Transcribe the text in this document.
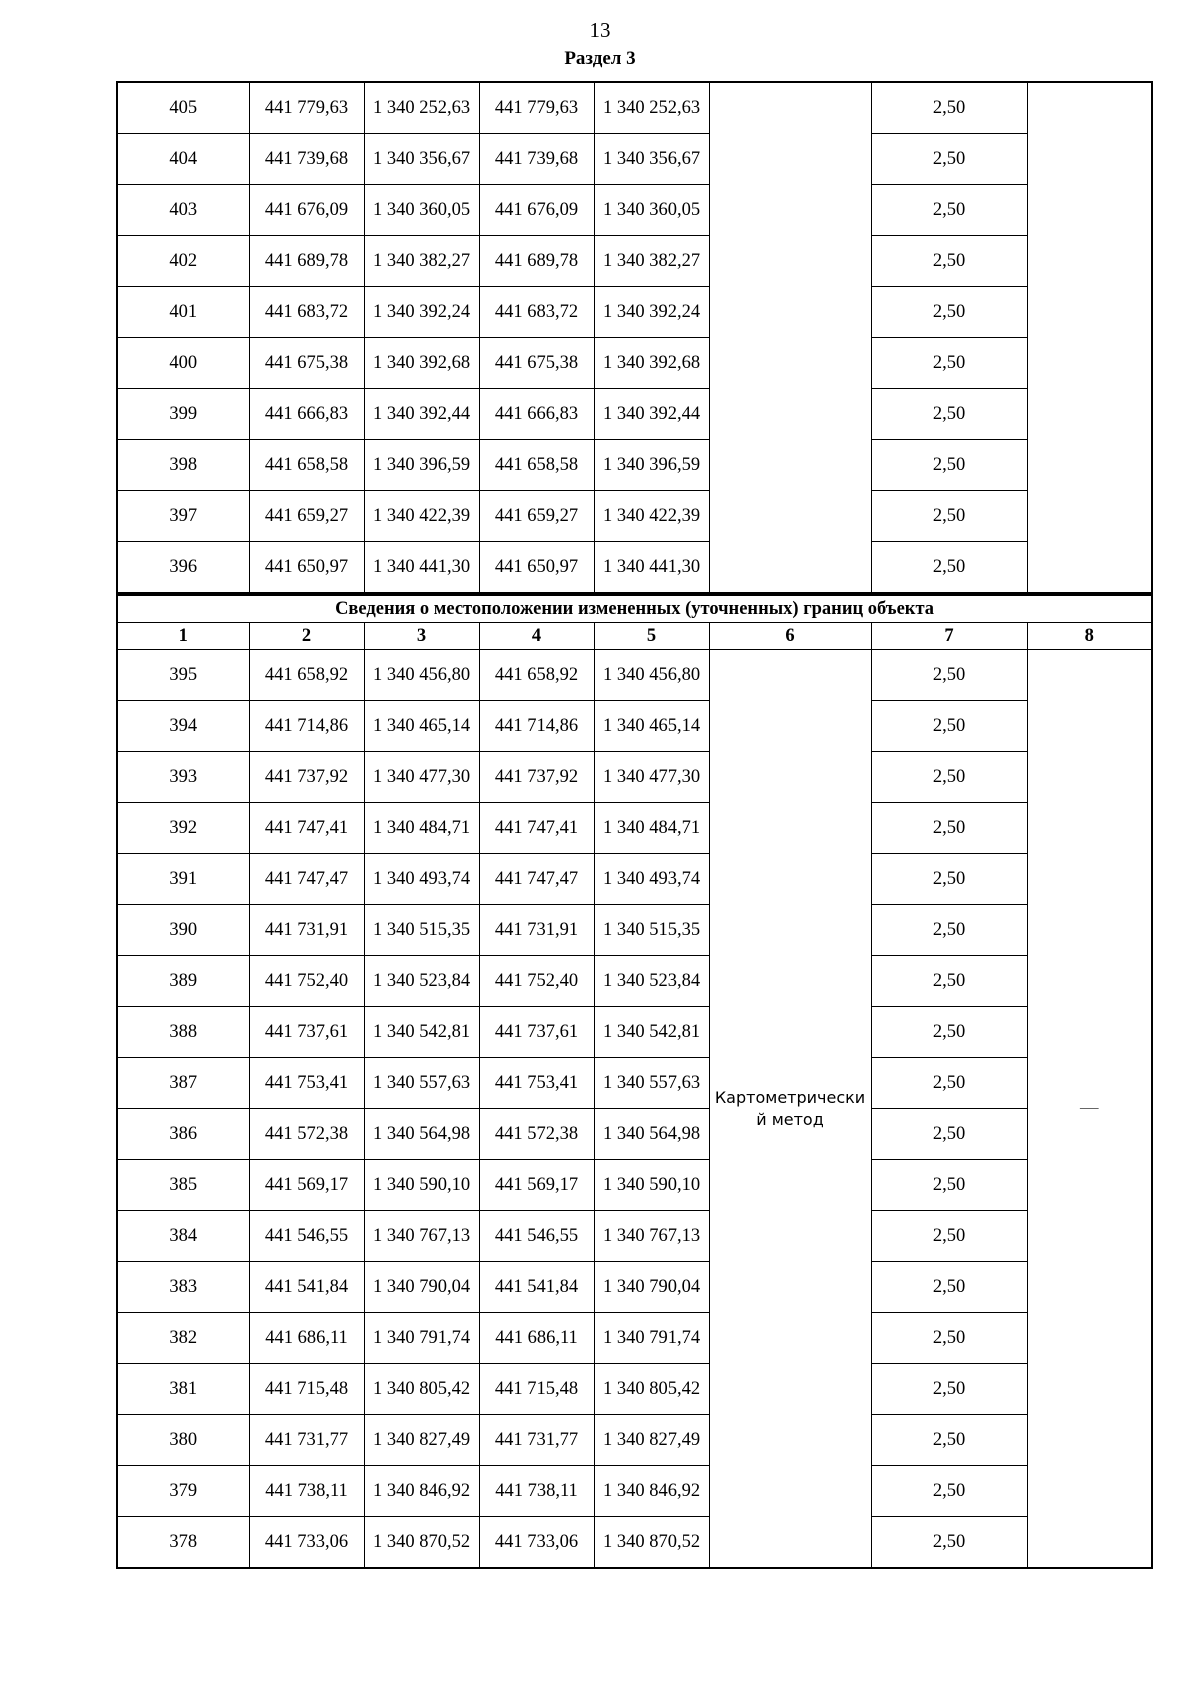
13
Раздел 3
405	441 779,63	1 340 252,63	441 779,63	1 340 252,63		2,50	
404	441 739,68	1 340 356,67	441 739,68	1 340 356,67		2,50	
403	441 676,09	1 340 360,05	441 676,09	1 340 360,05		2,50	
402	441 689,78	1 340 382,27	441 689,78	1 340 382,27		2,50	
401	441 683,72	1 340 392,24	441 683,72	1 340 392,24		2,50	
400	441 675,38	1 340 392,68	441 675,38	1 340 392,68		2,50	
399	441 666,83	1 340 392,44	441 666,83	1 340 392,44		2,50	
398	441 658,58	1 340 396,59	441 658,58	1 340 396,59		2,50	
397	441 659,27	1 340 422,39	441 659,27	1 340 422,39		2,50	
396	441 650,97	1 340 441,30	441 650,97	1 340 441,30		2,50	
Сведения о местоположении измененных (уточненных) границ объекта							
1	2	3	4	5	6	7	8
395	441 658,92	1 340 456,80	441 658,92	1 340 456,80	Картометрически й метод	2,50	—
394	441 714,86	1 340 465,14	441 714,86	1 340 465,14		2,50	
393	441 737,92	1 340 477,30	441 737,92	1 340 477,30		2,50	
392	441 747,41	1 340 484,71	441 747,41	1 340 484,71		2,50	
391	441 747,47	1 340 493,74	441 747,47	1 340 493,74		2,50	
390	441 731,91	1 340 515,35	441 731,91	1 340 515,35		2,50	
389	441 752,40	1 340 523,84	441 752,40	1 340 523,84		2,50	
388	441 737,61	1 340 542,81	441 737,61	1 340 542,81		2,50	
387	441 753,41	1 340 557,63	441 753,41	1 340 557,63		2,50	
386	441 572,38	1 340 564,98	441 572,38	1 340 564,98		2,50	
385	441 569,17	1 340 590,10	441 569,17	1 340 590,10		2,50	
384	441 546,55	1 340 767,13	441 546,55	1 340 767,13		2,50	
383	441 541,84	1 340 790,04	441 541,84	1 340 790,04		2,50	
382	441 686,11	1 340 791,74	441 686,11	1 340 791,74		2,50	
381	441 715,48	1 340 805,42	441 715,48	1 340 805,42		2,50	
380	441 731,77	1 340 827,49	441 731,77	1 340 827,49		2,50	
379	441 738,11	1 340 846,92	441 738,11	1 340 846,92		2,50	
378	441 733,06	1 340 870,52	441 733,06	1 340 870,52		2,50	
